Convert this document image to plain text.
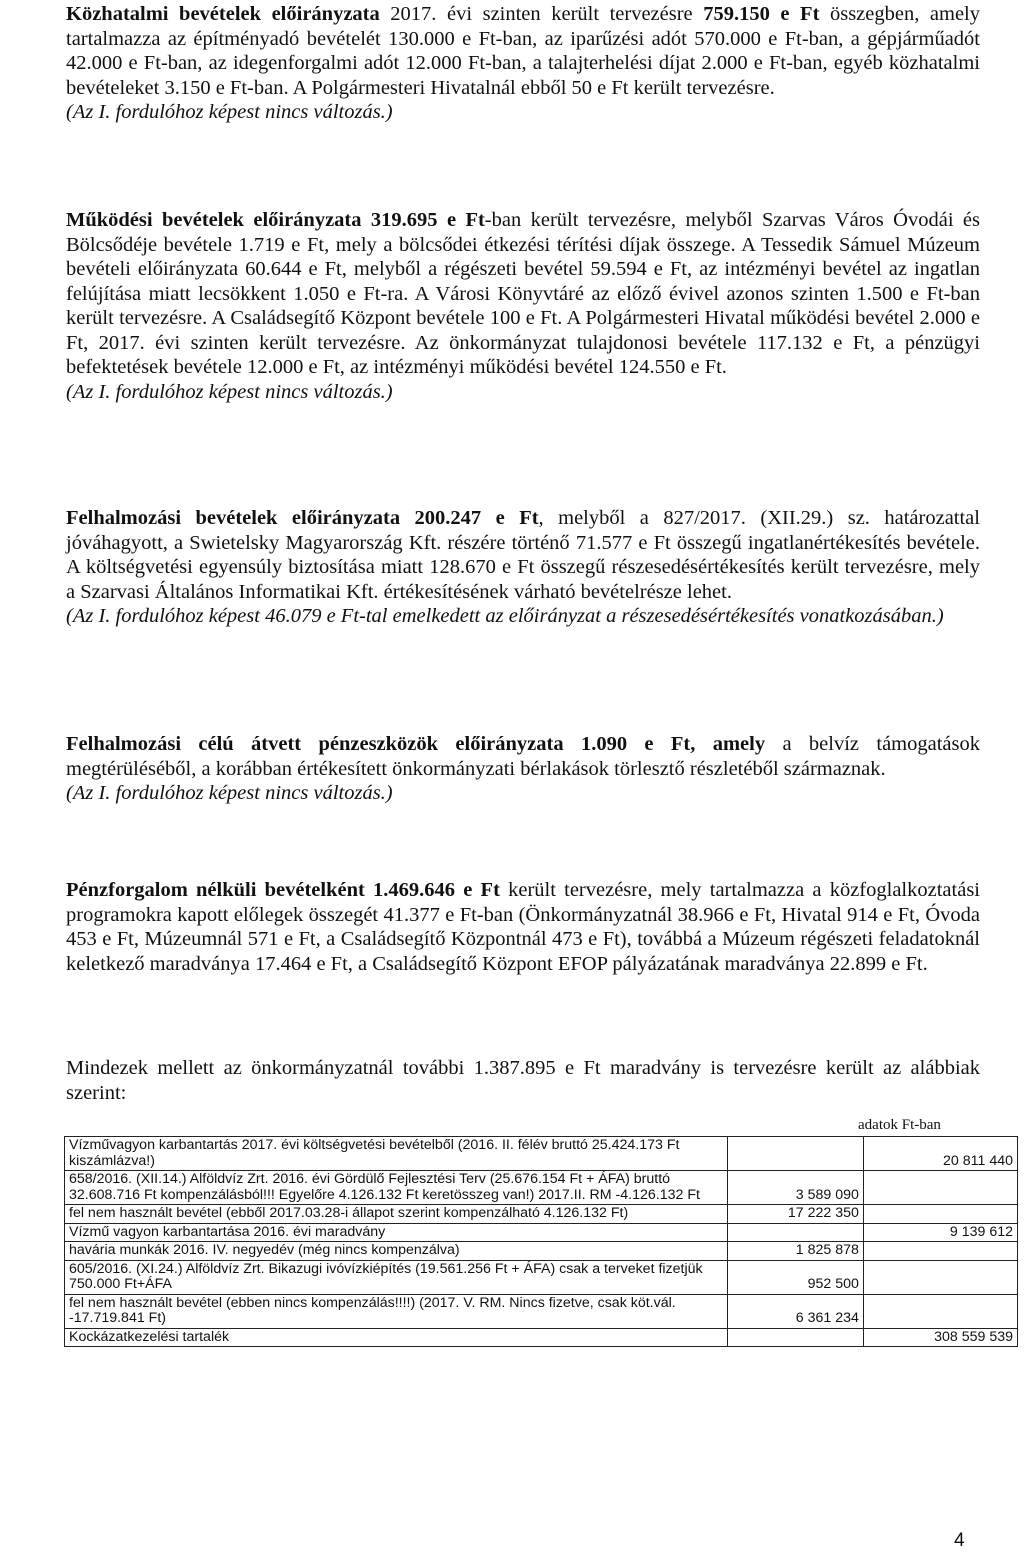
Közhatalmi bevételek előirányzata 2017. évi szinten került tervezésre 759.150 e Ft összegben, amely tartalmazza az építményadó bevételét 130.000 e Ft-ban, az iparűzési adót 570.000 e Ft-ban, a gépjárműadót 42.000 e Ft-ban, az idegenforgalmi adót 12.000 Ft-ban, a talajterhelési díjat 2.000 e Ft-ban, egyéb közhatalmi bevételeket 3.150 e Ft-ban. A Polgármesteri Hivatalnál ebből 50 e Ft került tervezésre.
(Az I. fordulóhoz képest nincs változás.)

Működési bevételek előirányzata 319.695 e Ft-ban került tervezésre, melyből Szarvas Város Óvodái és Bölcsődéje bevétele 1.719 e Ft, mely a bölcsődei étkezési térítési díjak összege. A Tessedik Sámuel Múzeum bevételi előirányzata 60.644 e Ft, melyből a régészeti bevétel 59.594 e Ft, az intézményi bevétel az ingatlan felújítása miatt lecsökkent 1.050 e Ft-ra. A Városi Könyvtáré az előző évivel azonos szinten 1.500 e Ft-ban került tervezésre. A Családsegítő Központ bevétele 100 e Ft. A Polgármesteri Hivatal működési bevétel 2.000 e Ft, 2017. évi szinten került tervezésre. Az önkormányzat tulajdonosi bevétele 117.132 e Ft, a pénzügyi befektetések bevétele 12.000 e Ft, az intézményi működési bevétel 124.550 e Ft.
(Az I. fordulóhoz képest nincs változás.)

Felhalmozási bevételek előirányzata 200.247 e Ft, melyből a 827/2017. (XII.29.) sz. határozattal jóváhagyott, a Swietelsky Magyarország Kft. részére történő 71.577 e Ft összegű ingatlanértékesítés bevétele. A költségvetési egyensúly biztosítása miatt 128.670 e Ft összegű részesedésértékesítés került tervezésre, mely a Szarvasi Általános Informatikai Kft. értékesítésének várható bevételrésze lehet.
(Az I. fordulóhoz képest 46.079 e Ft-tal emelkedett az előirányzat a részesedésértékesítés vonatkozásában.)

Felhalmozási célú átvett pénzeszközök előirányzata 1.090 e Ft, amely a belvíz támogatások megtérüléséből, a korábban értékesített önkormányzati bérlakások törlesztő részletéből származnak.
(Az I. fordulóhoz képest nincs változás.)

Pénzforgalom nélküli bevételként 1.469.646 e Ft került tervezésre, mely tartalmazza a közfoglalkoztatási programokra kapott előlegek összegét 41.377 e Ft-ban (Önkormányzatnál 38.966 e Ft, Hivatal 914 e Ft, Óvoda 453 e Ft, Múzeumnál 571 e Ft, a Családsegítő Központnál 473 e Ft), továbbá a Múzeum régészeti feladatoknál keletkező maradványa 17.464 e Ft, a Családsegítő Központ EFOP pályázatának maradványa 22.899 e Ft.

Mindezek mellett az önkormányzatnál további 1.387.895 e Ft maradvány is tervezésre került az alábbiak szerint:

adatok Ft-ban
Vízművagyon karbantartás 2017. évi költségvetési bevételből (2016. II. félév bruttó 25.424.173 Ft kiszámlázva!)		20 811 440
658/2016. (XII.14.) Alföldvíz Zrt. 2016. évi Gördülő Fejlesztési Terv (25.676.154 Ft + ÁFA) bruttó 32.608.716 Ft kompenzálásból!!! Egyelőre 4.126.132 Ft keretösszeg van!) 2017.II. RM -4.126.132 Ft	3 589 090	
fel nem használt bevétel (ebből 2017.03.28-i állapot szerint kompenzálható 4.126.132 Ft)	17 222 350	
Vízmű vagyon karbantartása 2016. évi maradvány		9 139 612
havária munkák 2016. IV. negyedév (még nincs kompenzálva)	1 825 878	
605/2016. (XI.24.) Alföldvíz Zrt. Bikazugi ivóvízkiépítés (19.561.256 Ft + ÁFA) csak a terveket fizetjük 750.000 Ft+ÁFA	952 500	
fel nem használt bevétel (ebben nincs kompenzálás!!!!) (2017. V. RM. Nincs fizetve, csak köt.vál. -17.719.841 Ft)	6 361 234	
Kockázatkezelési tartalék		308 559 539
4
